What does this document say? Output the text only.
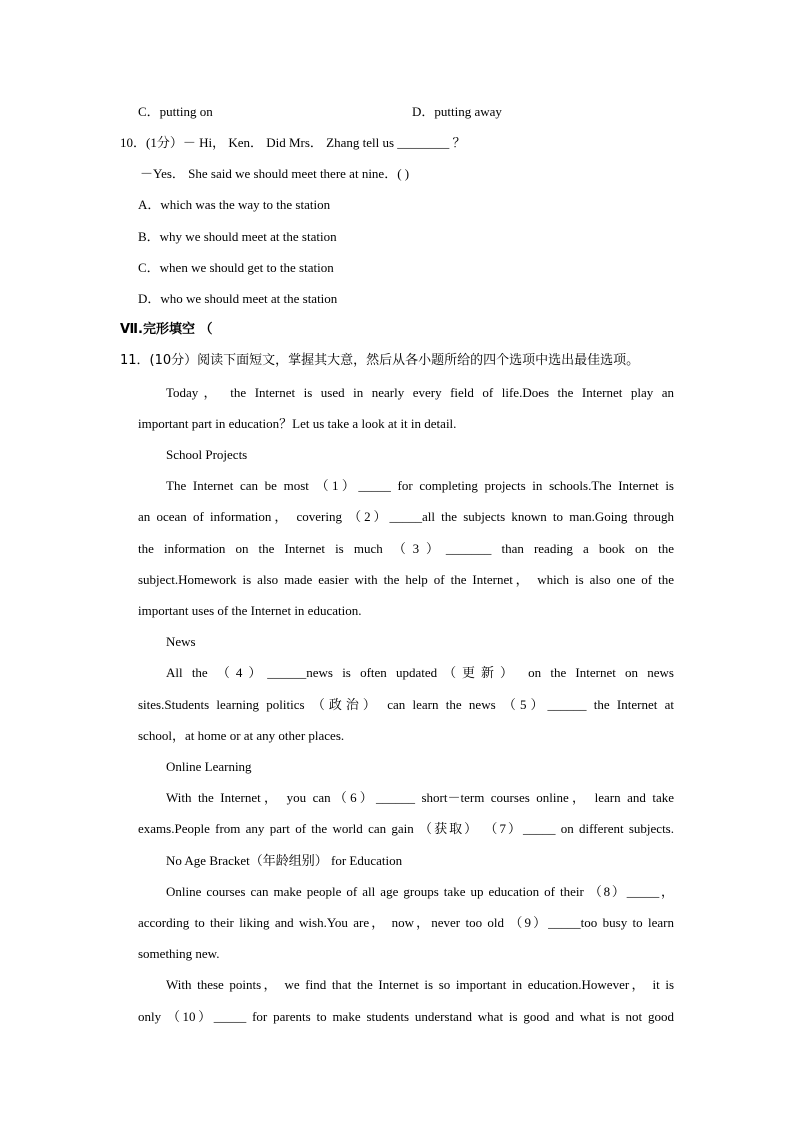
C．putting on	D．putting away
10．(1分）－ Hi， Ken． Did Mrs． Zhang tell us ________ ？
－Yes． She said we should meet there at nine．( )
A．which was the way to the station
B．why we should meet at the station
C．when we should get to the station
D．who we should meet at the station
Ⅶ.完形填空 （
11．(10分）阅读下面短文，掌握其大意，然后从各小题所给的四个选项中选出最佳选项。
Today， the Internet is used in nearly every field of life.Does the Internet play an
important part in education？Let us take a look at it in detail.
School Projects
The Internet can be most （1）_____ for completing projects in schools.The Internet is
an ocean of information， covering （2）_____all the subjects known to man.Going through
the information on the Internet is much （3）_______ than reading a book on the
subject.Homework is also made easier with the help of the Internet， which is also one of the
important uses of the Internet in education.
News
All the （4）______news is often updated（更新） on the Internet on news
sites.Students learning politics （政治） can learn the news （5）______ the Internet at
school，at home or at any other places.
Online Learning
With the Internet， you can（6）______ short－term courses online， learn and take
exams.People from any part of the world can gain （获取） （7）_____ on different subjects.
No Age Bracket（年龄组别） for Education
Online courses can make people of all age groups take up education of their （8）_____，
according to their liking and wish.You are， now，never too old （9）_____too busy to learn
something new.
With these points， we find that the Internet is so important in education.However， it is
only （10）_____ for parents to make students understand what is good and what is not good
